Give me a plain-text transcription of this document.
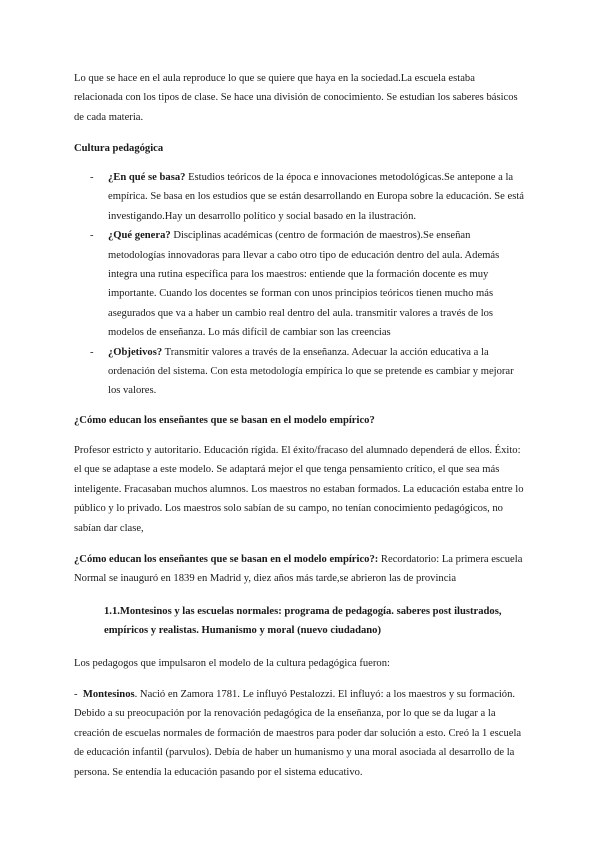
Lo que se hace en el aula reproduce lo que se quiere que haya en la sociedad.La escuela estaba relacionada con los tipos de clase. Se hace una división de conocimiento. Se estudian los saberes básicos de cada materia.

Cultura pedagógica

- ¿En qué se basa? Estudios teóricos de la época e innovaciones metodológicas.Se antepone a la empírica. Se basa en los estudios que se están desarrollando en Europa sobre la educación. Se está investigando.Hay un desarrollo político y social basado en la ilustración.
- ¿Qué genera? Disciplinas académicas (centro de formación de maestros).Se enseñan metodologías innovadoras para llevar a cabo otro tipo de educación dentro del aula. Además integra una rutina específica para los maestros: entiende que la formación docente es muy importante. Cuando los docentes se forman con unos principios teóricos tienen mucho más asegurados que va a haber un cambio real dentro del aula. transmitir valores a través de los modelos de enseñanza. Lo más difícil de cambiar son las creencias
- ¿Objetivos? Transmitir valores a través de la enseñanza. Adecuar la acción educativa a la ordenación del sistema. Con esta metodología empírica lo que se pretende es cambiar y mejorar los valores.

¿Cómo educan los enseñantes que se basan en el modelo empírico?

Profesor estricto y autoritario. Educación rígida. El éxito/fracaso del alumnado dependerá de ellos. Éxito: el que se adaptase a este modelo. Se adaptará mejor el que tenga pensamiento crítico, el que sea más inteligente. Fracasaban muchos alumnos. Los maestros no estaban formados. La educación estaba entre lo público y lo privado. Los maestros solo sabían de su campo, no tenían conocimiento pedagógicos, no sabían dar clase,

¿Cómo educan los enseñantes que se basan en el modelo empírico?: Recordatorio: La primera escuela Normal se inauguró en 1839 en Madrid y, diez años más tarde,se abrieron las de provincia

1.1.Montesinos y las escuelas normales: programa de pedagogía. saberes post ilustrados, empíricos y realistas. Humanismo y moral (nuevo ciudadano)

Los pedagogos que impulsaron el modelo de la cultura pedagógica fueron:

- Montesinos. Nació en Zamora 1781. Le influyó Pestalozzi. El influyó: a los maestros y su formación. Debido a su preocupación por la renovación pedagógica de la enseñanza, por lo que se da lugar a la creación de escuelas normales de formación de maestros para poder dar solución a esto. Creó la 1 escuela de educación infantil (parvulos). Debía de haber un humanismo y una moral asociada al desarrollo de la persona. Se entendía la educación pasando por el sistema educativo.
